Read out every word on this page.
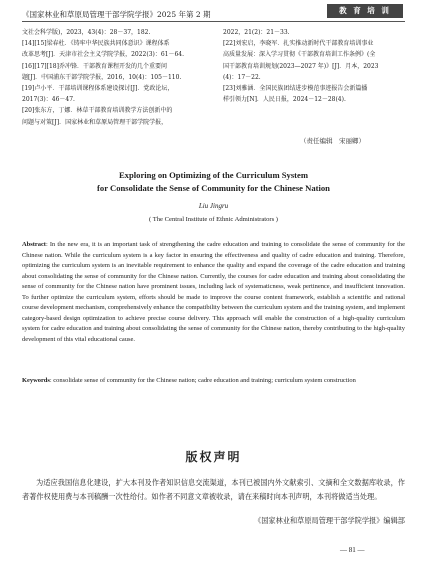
《国家林业和草原局管理干部学院学报》2025 年第 2 期	教 育 培 训
文社会科学版)，2023，43(4)：28－37，182.
[14][15]梁春杜．《铸牢中华民族共同体意识》课程体系
改革思考[J]．天津市社会主义学院学报，2022(3)：61－64.
[16][17][18]乔冲锋．干部教育课程开发的几个重要问
题[J]．中国浦东干部学院学报，2016，10(4)：105－110.
[19]卢小平．干部培训课程体系建设探讨[J]．党政论坛，
2017(3)：46－47.
[20]张东方，丁娜．林草干部教育培训教学方法创新中的
问题与对策[J]．国家林业和草原局管理干部学院学报，
2022，21(2)：21－33.
[22]刘宏启，李晓军．扎实推动新时代干部教育培训事业
高质量发展：深入学习贯彻《干部教育培训工作条例》(全
国干部教育培训规划(2023—2027 年)》[J]．月本，2023
(4)：17－22.
[23]刘雅涵．全国民族团结进步模范事迹报告会新篇播
样引领力[N]．人民日报，2024－12－28(4).
（责任编辑　宋丽卿）
Exploring on Optimizing of the Curriculum System
for Consolidate the Sense of Community for the Chinese Nation
Liu Jingru
( The Central Institute of Ethnic Administrators )
Abstract: In the new era, it is an important task of strengthening the cadre education and training to consolidate the sense of community for the Chinese nation. While the curriculum system is a key factor in ensuring the effectiveness and quality of cadre education and training. Therefore, optimizing the curriculum system is an inevitable requirement to enhance the quality and expand the coverage of the cadre education and training about consolidating the sense of community for the Chinese nation. Currently, the courses for cadre education and training about consolidating the sense of community for the Chinese nation have prominent issues, including lack of systematicness, weak pertinence, and insufficient innovation. To further optimize the curriculum system, efforts should be made to improve the course content framework, establish a scientific and rational course development mechanism, comprehensively enhance the compatibility between the curriculum system and the training system, and implement category-based design optimization to achieve precise course delivery. This approach will enable the construction of a high-quality curriculum system for cadre education and training about consolidating the sense of community for the Chinese nation, thereby contributing to the high-quality development of this vital educational cause.
Keywords: consolidate sense of community for the Chinese nation; cadre education and training; curriculum system construction
版权声明
为适应我国信息化建设，扩大本刊及作者知识信息交流渠道，本刊已被国内外文献索引、文摘和全文数据库收录，作者著作权使用费与本刊稿酬一次性给付。如作者不同意文章被收录，请在来稿时向本刊声明，本刊将做适当处理。
《国家林业和草原局管理干部学院学报》编辑部
— 81 —
